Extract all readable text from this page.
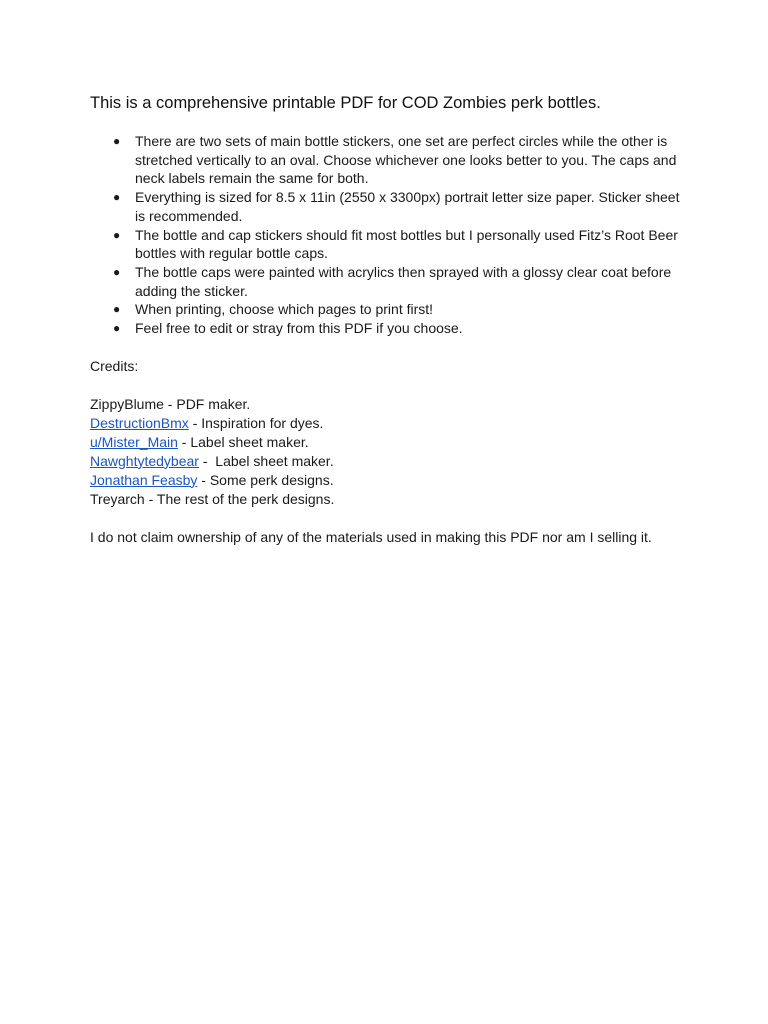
This is a comprehensive printable PDF for COD Zombies perk bottles.
● There are two sets of main bottle stickers, one set are perfect circles while the other is stretched vertically to an oval. Choose whichever one looks better to you. The caps and neck labels remain the same for both.
● Everything is sized for 8.5 x 11in (2550 x 3300px) portrait letter size paper. Sticker sheet is recommended.
● The bottle and cap stickers should fit most bottles but I personally used Fitz’s Root Beer bottles with regular bottle caps.
● The bottle caps were painted with acrylics then sprayed with a glossy clear coat before adding the sticker.
● When printing, choose which pages to print first!
● Feel free to edit or stray from this PDF if you choose.

Credits:

ZippyBlume - PDF maker.
DestructionBmx - Inspiration for dyes.
u/Mister_Main - Label sheet maker.
Nawghtytedybear -  Label sheet maker.
Jonathan Feasby - Some perk designs.
Treyarch - The rest of the perk designs.

I do not claim ownership of any of the materials used in making this PDF nor am I selling it.
